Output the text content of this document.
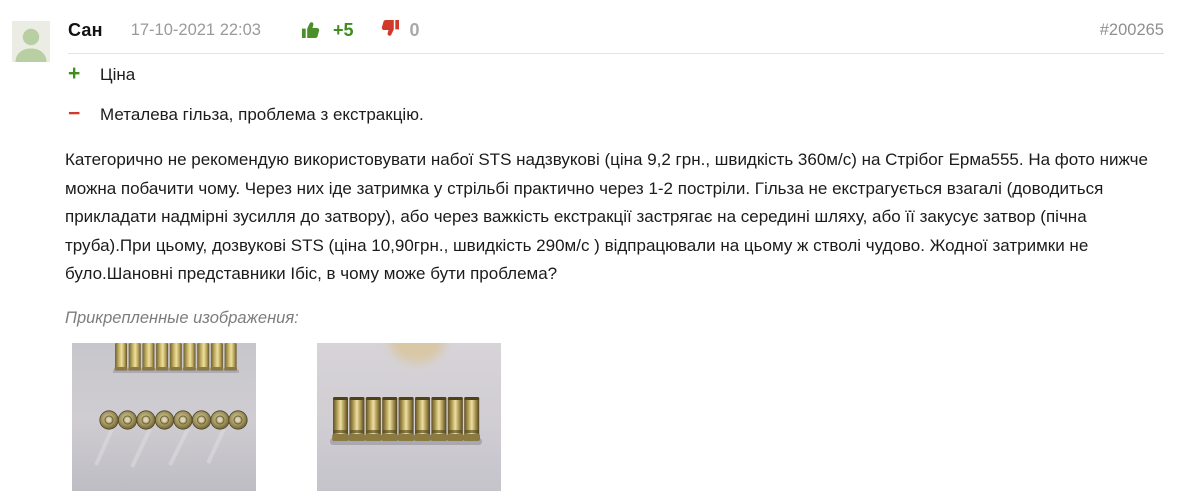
Сан 17-10-2021 22:03	+5	0	#200265
+	Ціна
−	Металева гільза, проблема з екстракцію.
Категорично не рекомендую використовувати набої STS надзвукові (ціна 9,2 грн., швидкість 360м/с) на Стрібог Ерма555. На фото нижче можна побачити чому. Через них іде затримка у стрільбі практично через 1-2 постріли. Гільза не екстрагується взагалі (доводиться прикладати надмірні зусилля до затвору), або через важкість екстракції застрягає на середині шляху, або її закусує затвор (пічна труба).При цьому, дозвукові STS (ціна 10,90грн., швидкість 290м/с ) відпрацювали на цьому ж стволі чудово. Жодної затримки не було.Шановні представники Ібіс, в чому може бути проблема?
Прикрепленные изображения:
